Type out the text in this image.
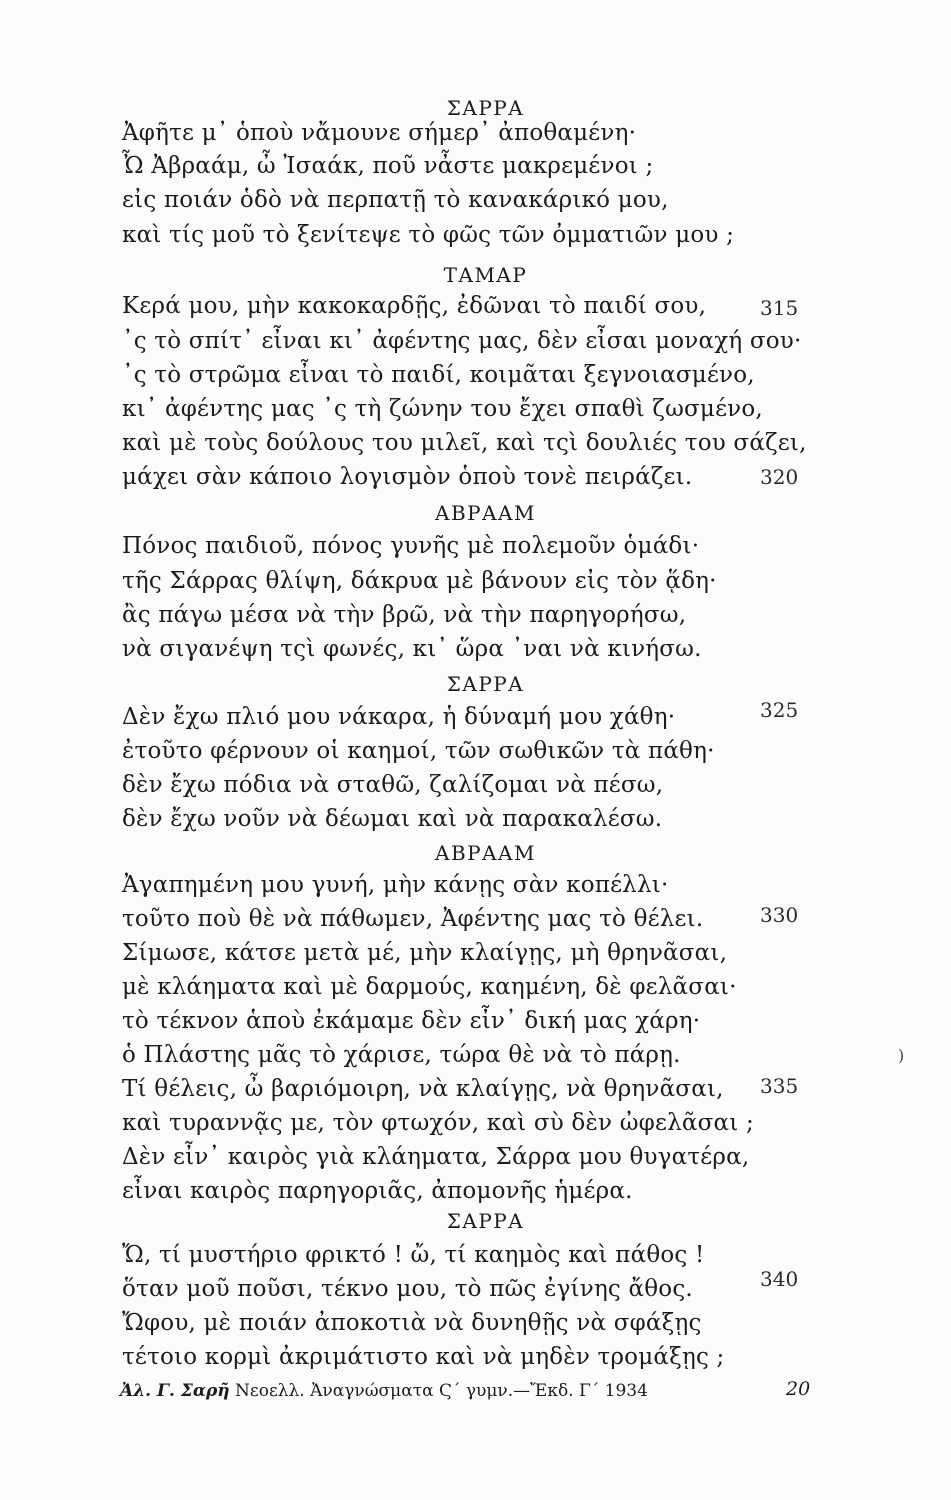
ΣΑΡΡΑ
Ἀφῆτε μ᾽ ὁποὺ νἄμουνε σήμερ᾽ ἀποθαμένη·
Ὦ Ἀβραάμ, ὦ Ἰσαάκ, ποῦ νἆστε μακρεμένοι ;
εἰς ποιάν ὁδὸ νὰ περπατῇ τὸ κανακάρικό μου,
καὶ τίς μοῦ τὸ ξενίτεψε τὸ φῶς τῶν ὀμματιῶν μου ;
ΤΑΜΑΡ
Κερά μου, μὴν κακοκαρδῇς, ἐδῶναι τὸ παιδί σου,	315
᾽ς τὸ σπίτ᾽ εἶναι κι᾽ ἀφέντης μας, δὲν εἶσαι μοναχή σου·
᾽ς τὸ στρῶμα εἶναι τὸ παιδί, κοιμᾶται ξεγνοιασμένο,
κι᾽ ἀφέντης μας ᾽ς τὴ ζώνην του ἔχει σπαθὶ ζωσμένο,
καὶ μὲ τοὺς δούλους του μιλεῖ, καὶ τςὶ δουλιές του σάζει,
μάχει σὰν κάποιο λογισμὸν ὁποὺ τονὲ πειράζει.	320
ΑΒΡΑΑΜ
Πόνος παιδιοῦ, πόνος γυνῆς μὲ πολεμοῦν ὁμάδι·
τῆς Σάρρας θλίψη, δάκρυα μὲ βάνουν εἰς τὸν ᾅδη·
ἂς πάγω μέσα νὰ τὴν βρῶ, νὰ τὴν παρηγορήσω,
νὰ σιγανέψη τςὶ φωνές, κι᾽ ὥρα ᾽ναι νὰ κινήσω.
ΣΑΡΡΑ
Δὲν ἔχω πλιό μου νάκαρα, ἡ δύναμή μου χάθη·	325
ἐτοῦτο φέρνουν οἱ καημοί, τῶν σωθικῶν τὰ πάθη·
δὲν ἔχω πόδια νὰ σταθῶ, ζαλίζομαι νὰ πέσω,
δὲν ἔχω νοῦν νὰ δέωμαι καὶ νὰ παρακαλέσω.
ΑΒΡΑΑΜ
Ἀγαπημένη μου γυνή, μὴν κάνῃς σὰν κοπέλλι·
τοῦτο ποὺ θὲ νὰ πάθωμεν, Ἀφέντης μας τὸ θέλει.	330
Σίμωσε, κάτσε μετὰ μέ, μὴν κλαίγῃς, μὴ θρηνᾶσαι,
μὲ κλάηματα καὶ μὲ δαρμούς, καημένη, δὲ φελᾶσαι·
τὸ τέκνον ἁποὺ ἐκάμαμε δὲν εἶν᾽ δική μας χάρη·
ὁ Πλάστης μᾶς τὸ χάρισε, τώρα θὲ νὰ τὸ πάρῃ.
Τί θέλεις, ὦ βαριόμοιρη, νὰ κλαίγῃς, νὰ θρηνᾶσαι, 335
καὶ τυραννᾷς με, τὸν φτωχόν, καὶ σὺ δὲν ὠφελᾶσαι ;
Δὲν εἶν᾽ καιρὸς γιὰ κλάηματα, Σάρρα μου θυγατέρα,
εἶναι καιρὸς παρηγοριᾶς, ἀπομονῆς ἡμέρα.
ΣΑΡΡΑ
Ὤ, τί μυστήριο φρικτό ! ὤ, τί καημὸς καὶ πάθος !
ὅταν μοῦ ποῦσι, τέκνο μου, τὸ πῶς ἐγίνης ἄθος.	340
Ὤφου, μὲ ποιάν ἀποκοτιὰ νὰ δυνηθῇς νὰ σφάξῃς
τέτοιο κορμὶ ἀκριμάτιστο καὶ νὰ μηδὲν τρομάξῃς ;
Ἀλ. Γ. Σαρῆ Νεοελλ. Ἀναγνώσματα Ϛ΄ γυμν.—Ἔκδ. Γ΄ 1934	20
)
